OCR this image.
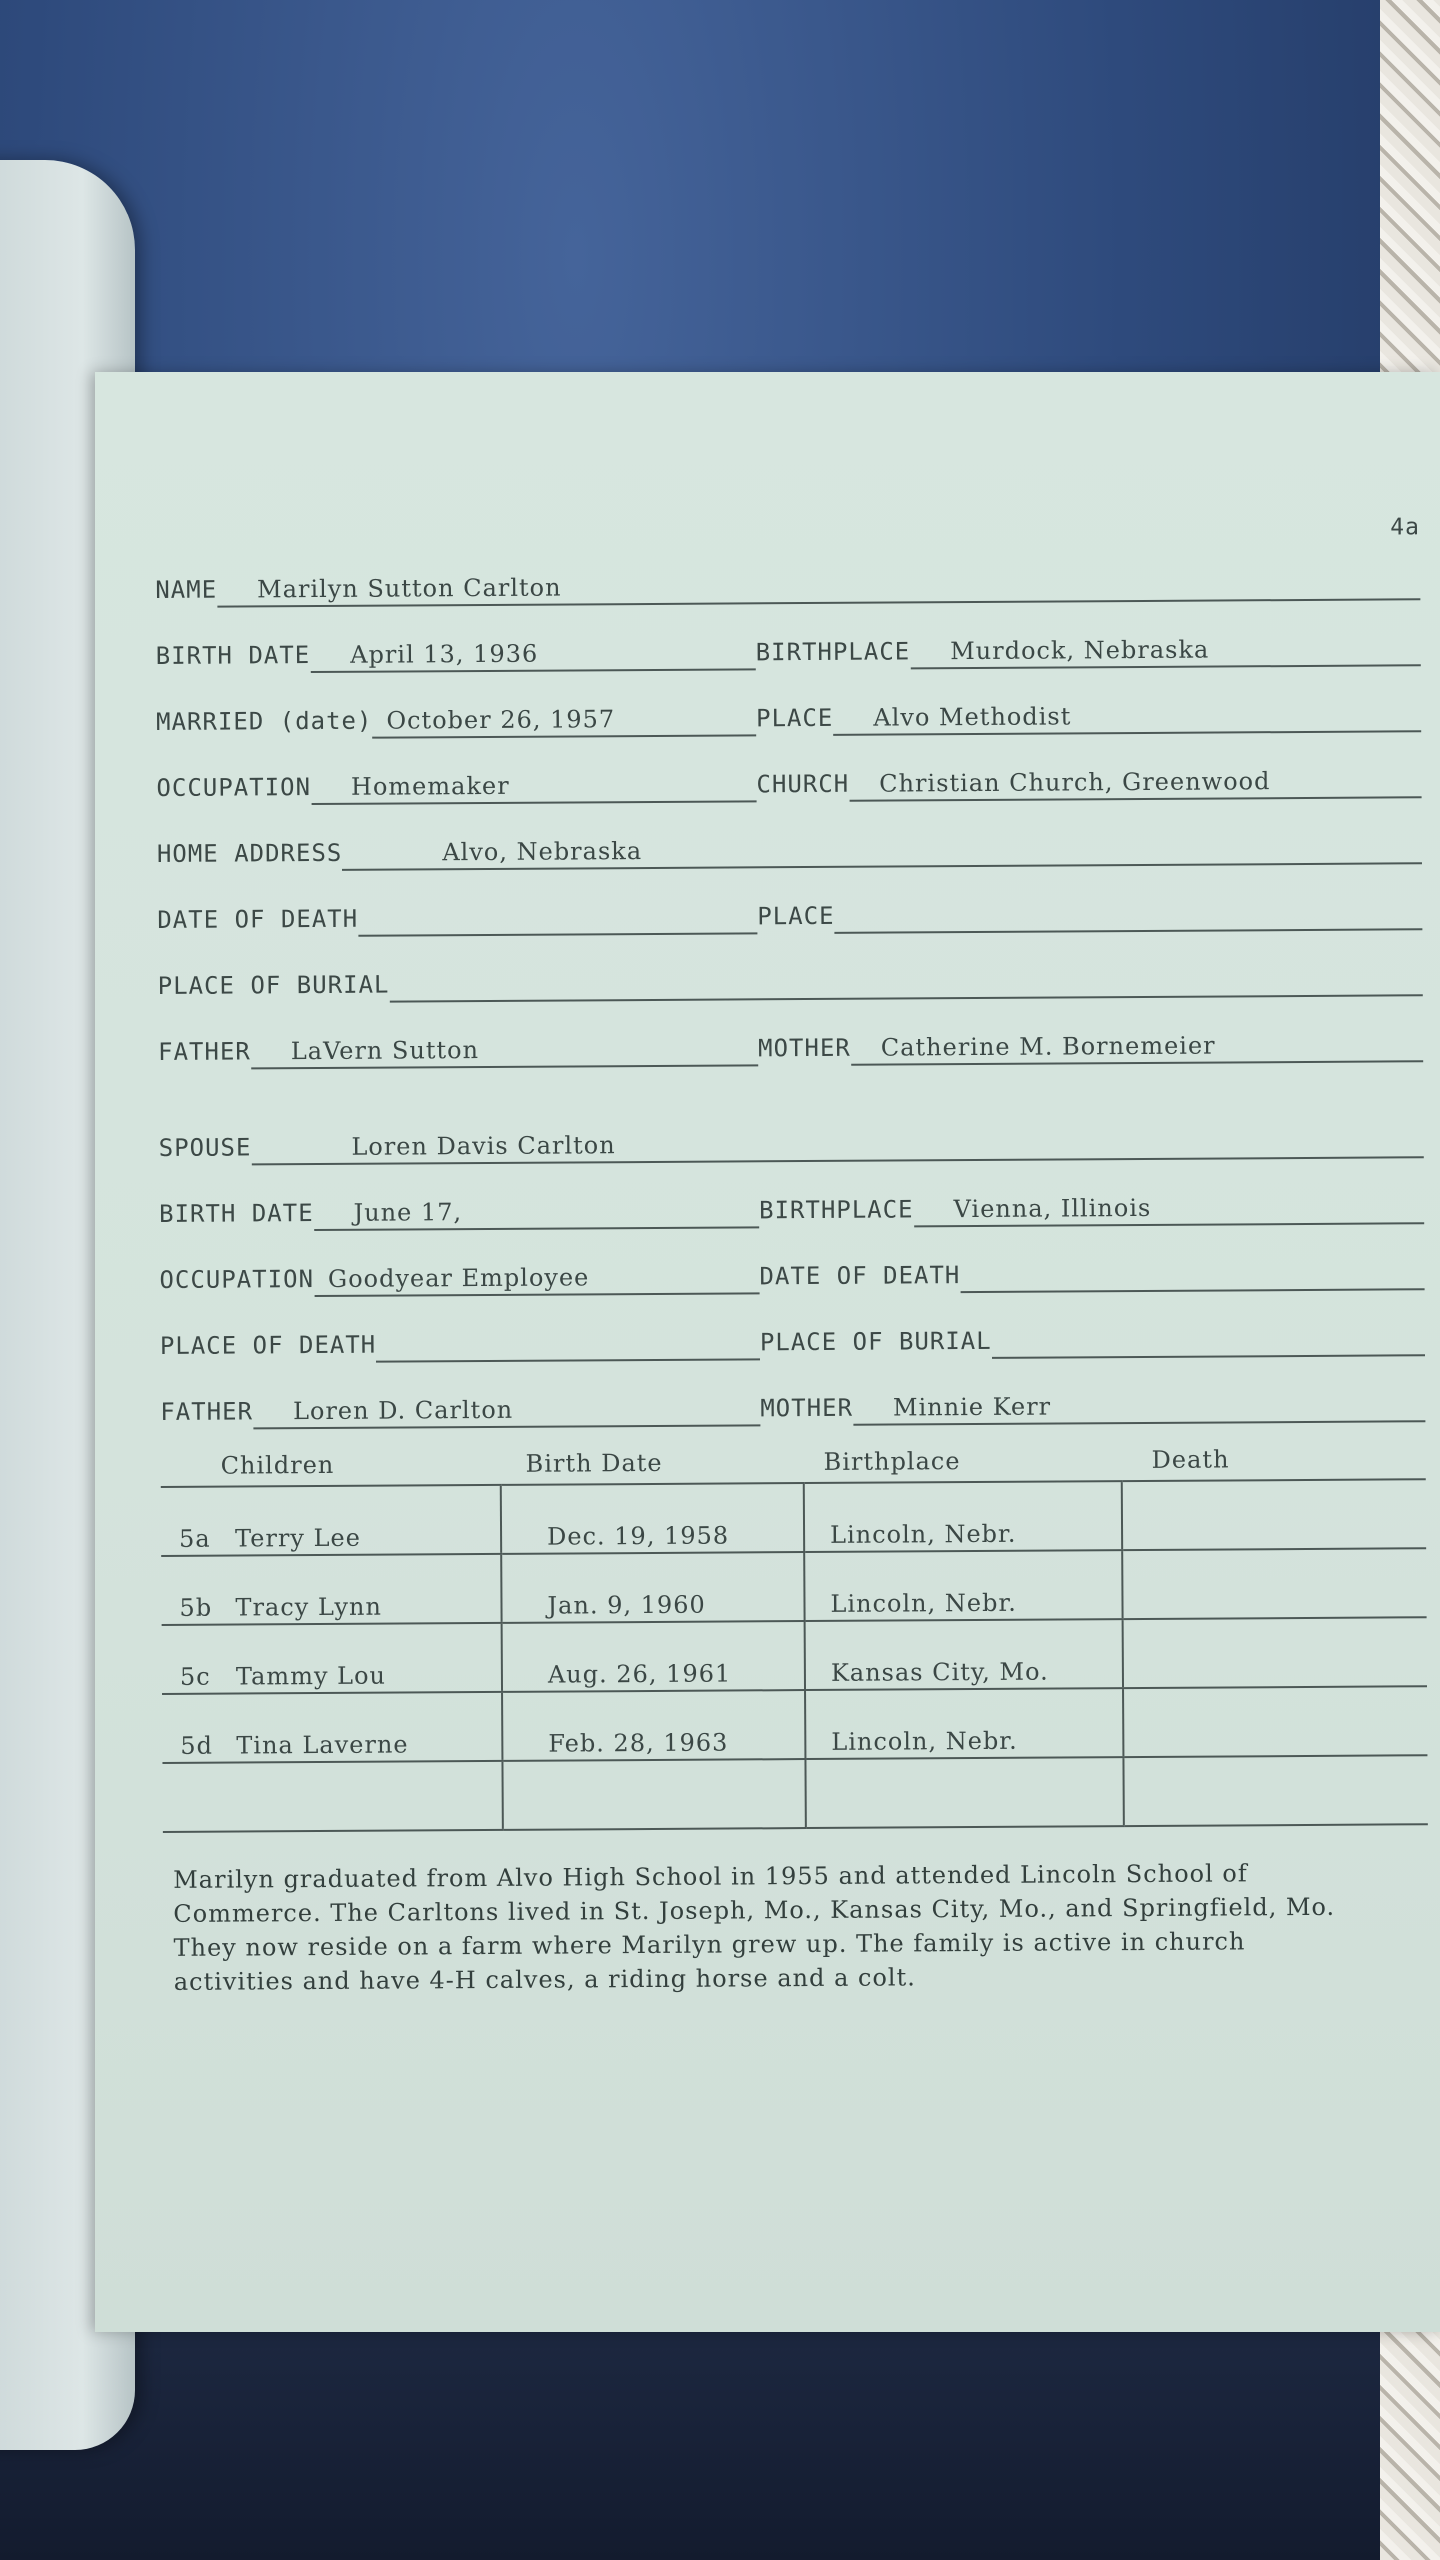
4a
NAME	Marilyn Sutton Carlton
BIRTH DATE	April 13, 1936	BIRTHPLACE	Murdock, Nebraska
MARRIED (date) October 26, 1957	PLACE	Alvo Methodist
OCCUPATION	Homemaker	CHURCH	Christian Church, Greenwood
HOME ADDRESS	Alvo, Nebraska
DATE OF DEATH	PLACE
PLACE OF BURIAL
FATHER	LaVern Sutton	MOTHER	Catherine M. Bornemeier
SPOUSE	Loren Davis Carlton
BIRTH DATE	June 17,	BIRTHPLACE	Vienna, Illinois
OCCUPATION Goodyear Employee	DATE OF DEATH
PLACE OF DEATH	PLACE OF BURIAL
FATHER	Loren D. Carlton	MOTHER	Minnie Kerr
Children	Birth Date	Birthplace	Death
5a Terry Lee	Dec. 19, 1958	Lincoln, Nebr.	
5b Tracy Lynn	Jan. 9, 1960	Lincoln, Nebr.	
5c Tammy Lou	Aug. 26, 1961	Kansas City, Mo.	
5d Tina Laverne	Feb. 28, 1963	Lincoln, Nebr.	

Marilyn graduated from Alvo High School in 1955 and attended Lincoln School of Commerce. The Carltons lived in St. Joseph, Mo., Kansas City, Mo., and Springfield, Mo. They now reside on a farm where Marilyn grew up. The family is active in church activities and have 4-H calves, a riding horse and a colt.
